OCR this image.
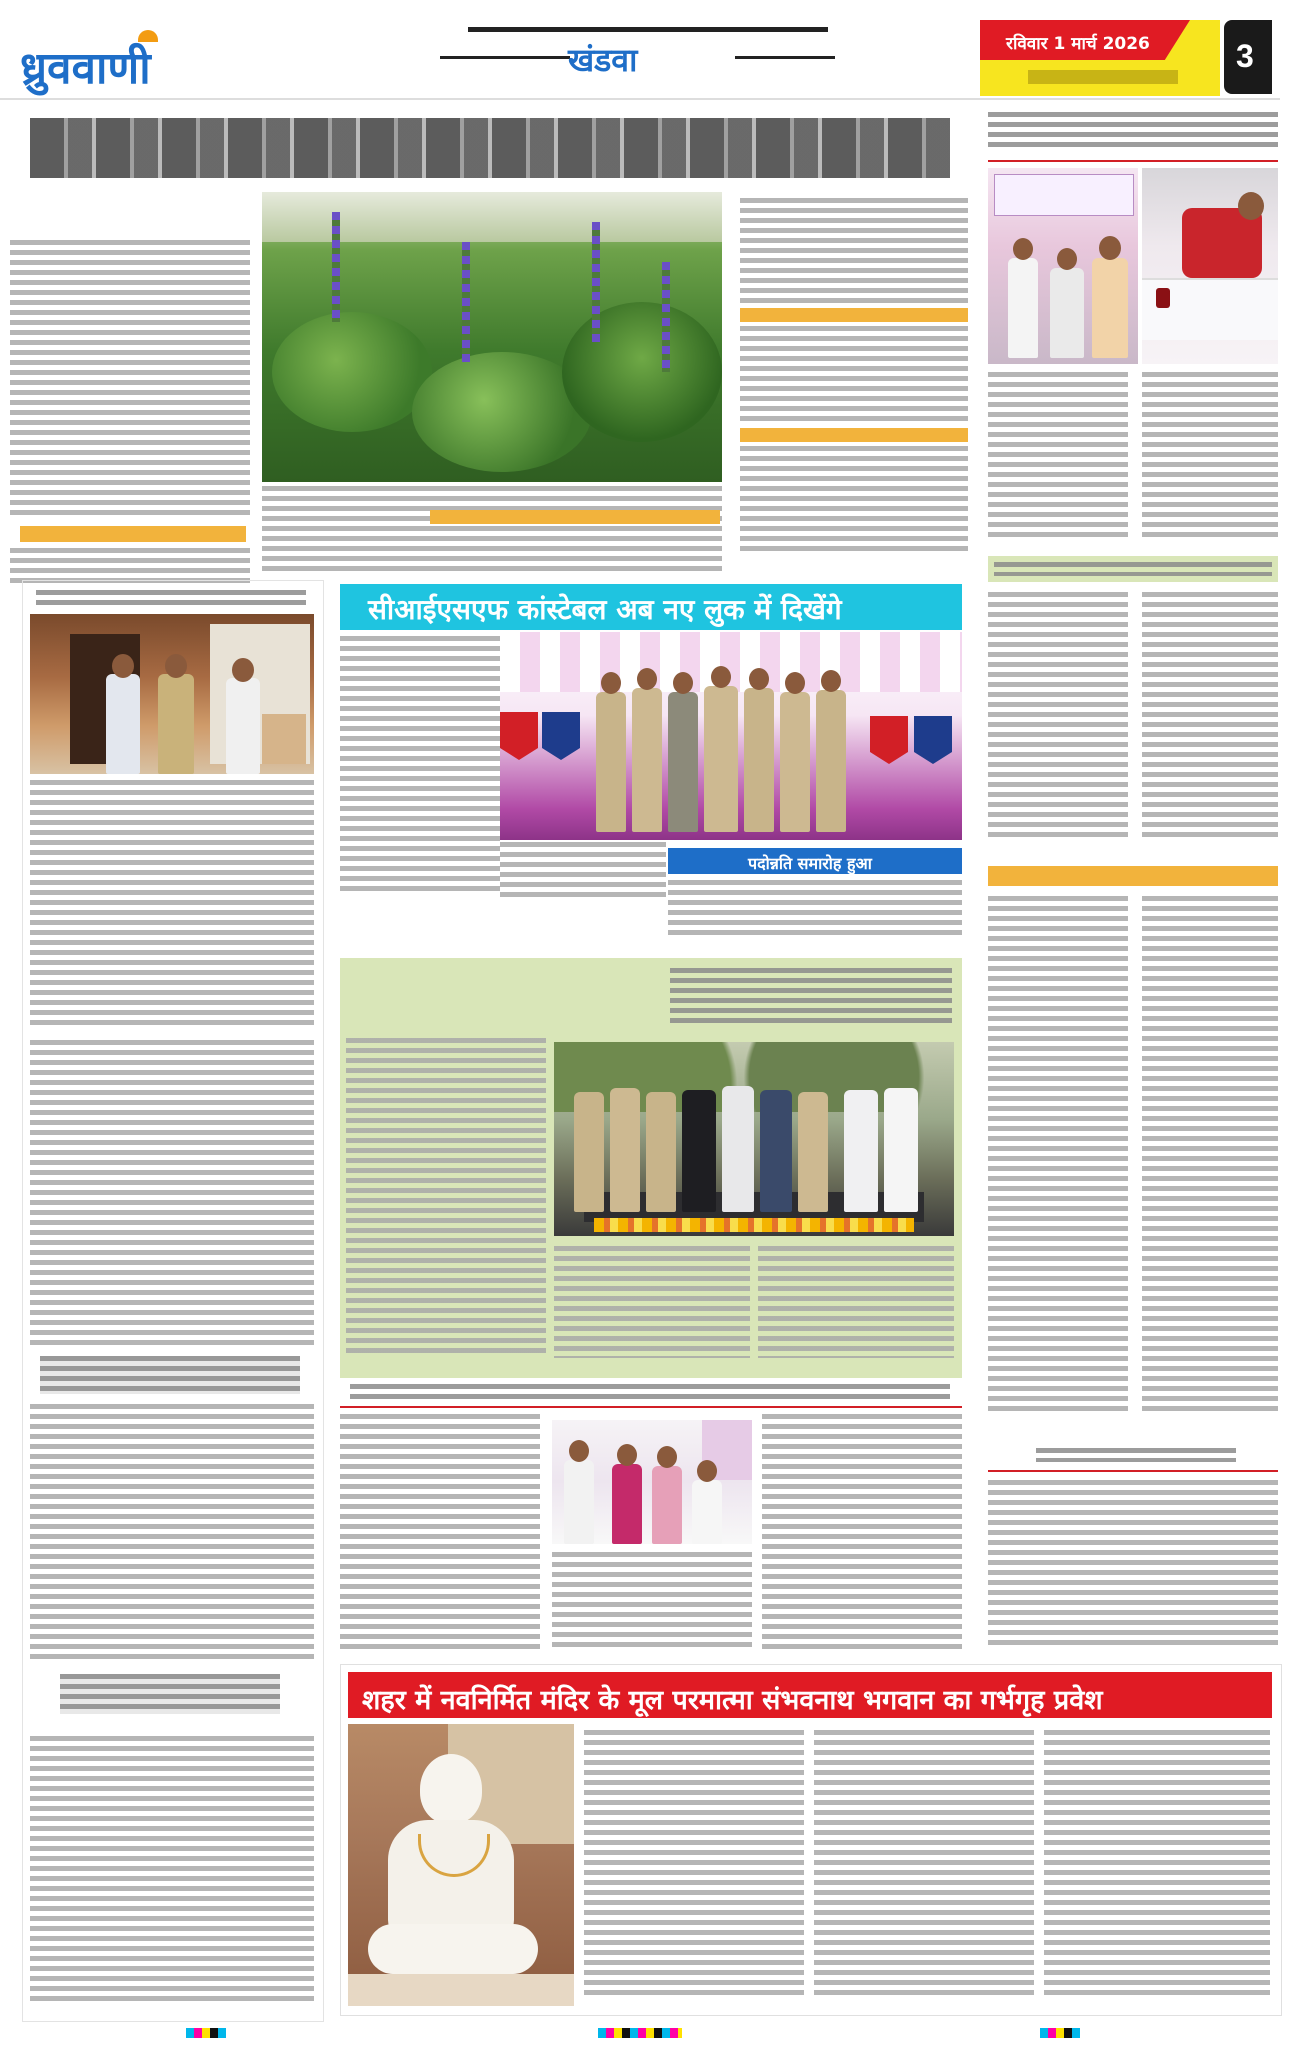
ध्रुववाणी	खंडवा	रविवार 1 मार्च 2026	3
सीआईएसएफ कांस्टेबल अब नए लुक में दिखेंगे
पदोन्नति समारोह हुआ
शहर में नवनिर्मित मंदिर के मूल परमात्मा संभवनाथ भगवान का गर्भगृह प्रवेश
